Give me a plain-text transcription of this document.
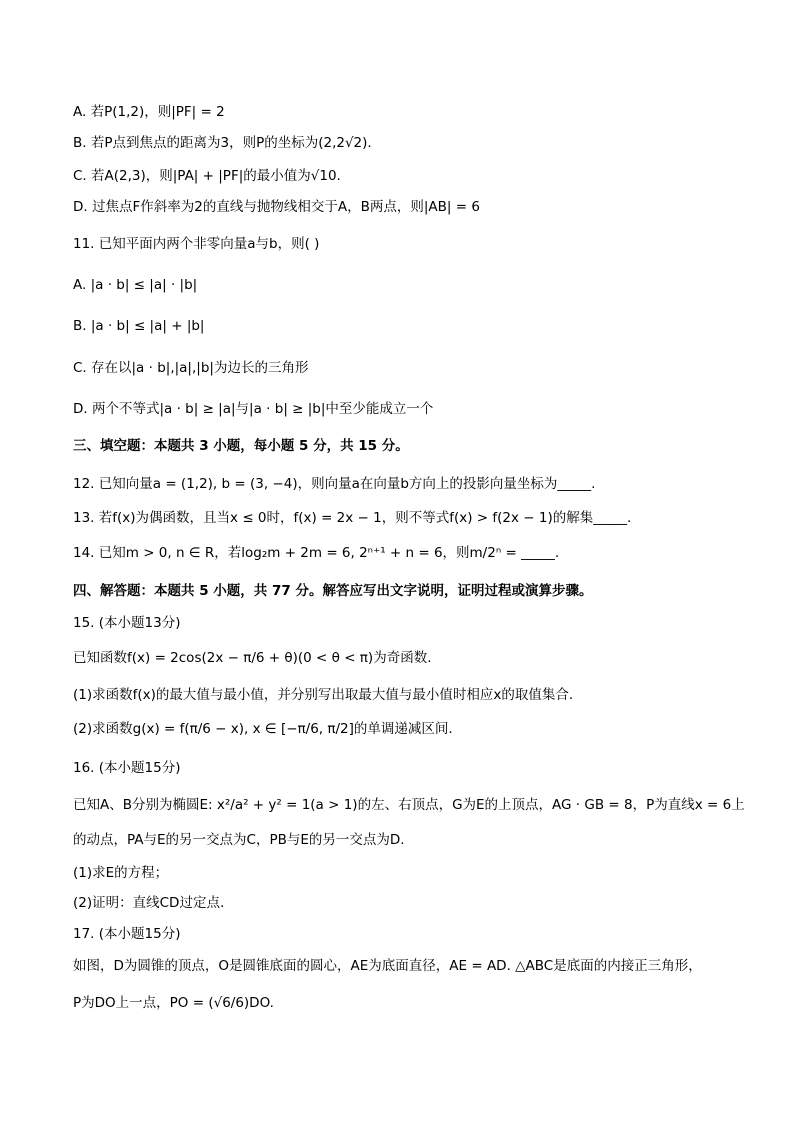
A. 若P(1,2)，则|PF| = 2
B. 若P点到焦点的距离为3，则P的坐标为(2,2√2).
C. 若A(2,3)，则|PA| + |PF|的最小值为√10.
D. 过焦点F作斜率为2的直线与抛物线相交于A，B两点，则|AB| = 6
11. 已知平面内两个非零向量a与b，则( )
A. |a · b| ≤ |a| · |b|
B. |a · b| ≤ |a| + |b|
C. 存在以|a · b|,|a|,|b|为边长的三角形
D. 两个不等式|a · b| ≥ |a|与|a · b| ≥ |b|中至少能成立一个
三、填空题：本题共 3 小题，每小题 5 分，共 15 分。
12. 已知向量a = (1,2), b = (3, −4)，则向量a在向量b方向上的投影向量坐标为_____.
13. 若f(x)为偶函数，且当x ≤ 0时，f(x) = 2x − 1，则不等式f(x) > f(2x − 1)的解集_____.
14. 已知m > 0, n ∈ R，若log₂m + 2m = 6, 2ⁿ⁺¹ + n = 6，则m/2ⁿ = _____.
四、解答题：本题共 5 小题，共 77 分。解答应写出文字说明，证明过程或演算步骤。
15. (本小题13分)
已知函数f(x) = 2cos(2x − π/6 + θ)(0 < θ < π)为奇函数.
(1)求函数f(x)的最大值与最小值，并分别写出取最大值与最小值时相应x的取值集合.
(2)求函数g(x) = f(π/6 − x), x ∈ [−π/6, π/2]的单调递减区间.
16. (本小题15分)
已知A、B分别为椭圆E: x²/a² + y² = 1(a > 1)的左、右顶点，G为E的上顶点，AG · GB = 8，P为直线x = 6上
的动点，PA与E的另一交点为C，PB与E的另一交点为D.
(1)求E的方程；
(2)证明：直线CD过定点.
17. (本小题15分)
如图，D为圆锥的顶点，O是圆锥底面的圆心，AE为底面直径，AE = AD. △ABC是底面的内接正三角形，
P为DO上一点，PO = (√6/6)DO.
